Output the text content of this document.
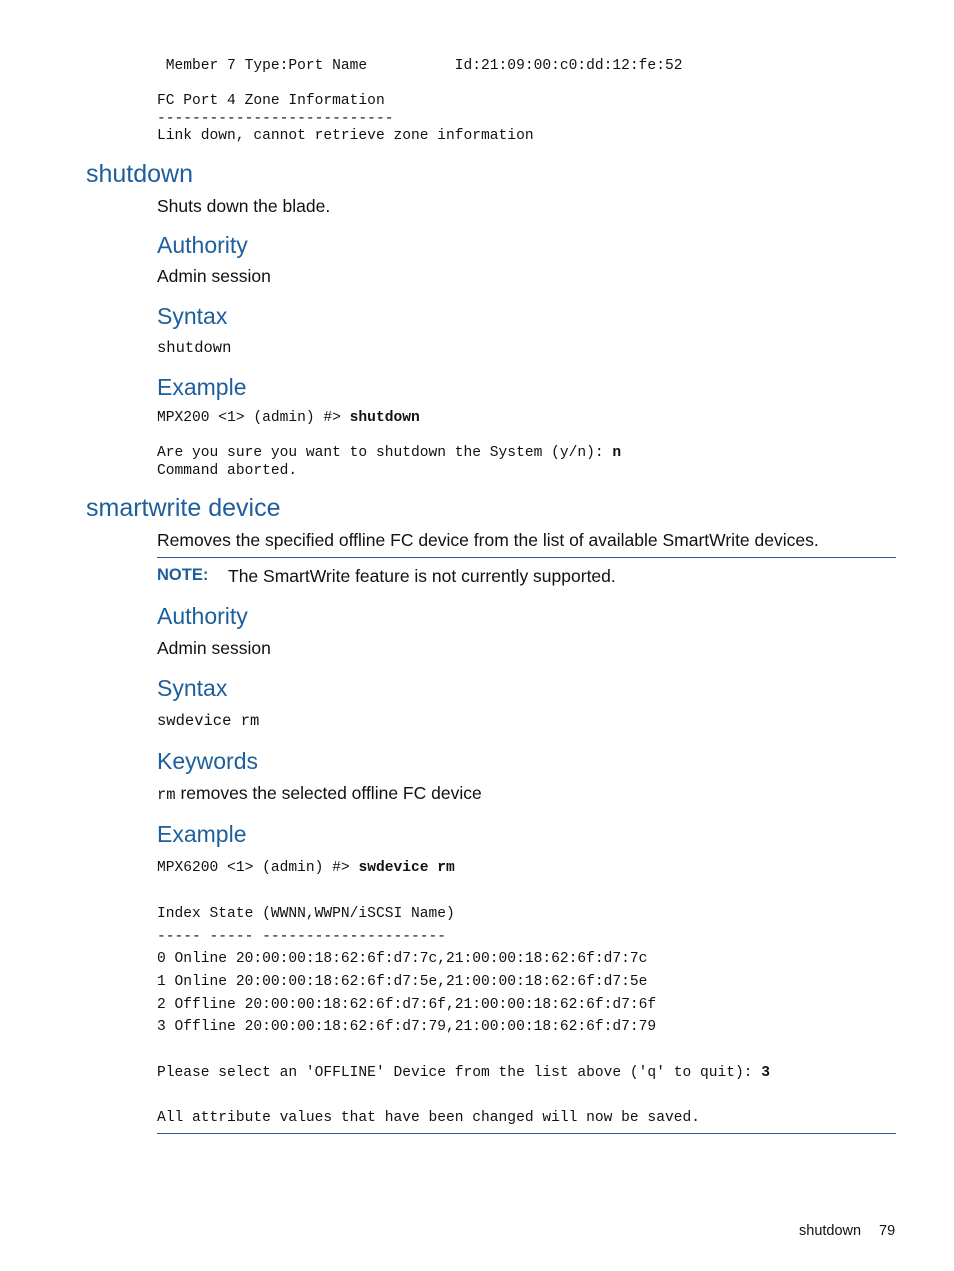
Member 7 Type:Port Name          Id:21:09:00:c0:dd:12:fe:52
FC Port 4 Zone Information
---------------------------
Link down, cannot retrieve zone information
shutdown
Shuts down the blade.
Authority
Admin session
Syntax
shutdown
Example
MPX200 <1> (admin) #> shutdown
Are you sure you want to shutdown the System (y/n): n
Command aborted.
smartwrite device
Removes the specified offline FC device from the list of available SmartWrite devices.
NOTE: The SmartWrite feature is not currently supported.
Authority
Admin session
Syntax
swdevice rm
Keywords
rm removes the selected offline FC device
Example
MPX6200 <1> (admin) #> swdevice rm
Index State (WWNN,WWPN/iSCSI Name)
----- ----- ---------------------
0 Online 20:00:00:18:62:6f:d7:7c,21:00:00:18:62:6f:d7:7c
1 Online 20:00:00:18:62:6f:d7:5e,21:00:00:18:62:6f:d7:5e
2 Offline 20:00:00:18:62:6f:d7:6f,21:00:00:18:62:6f:d7:6f
3 Offline 20:00:00:18:62:6f:d7:79,21:00:00:18:62:6f:d7:79
Please select an 'OFFLINE' Device from the list above ('q' to quit): 3
All attribute values that have been changed will now be saved.
shutdown 79
